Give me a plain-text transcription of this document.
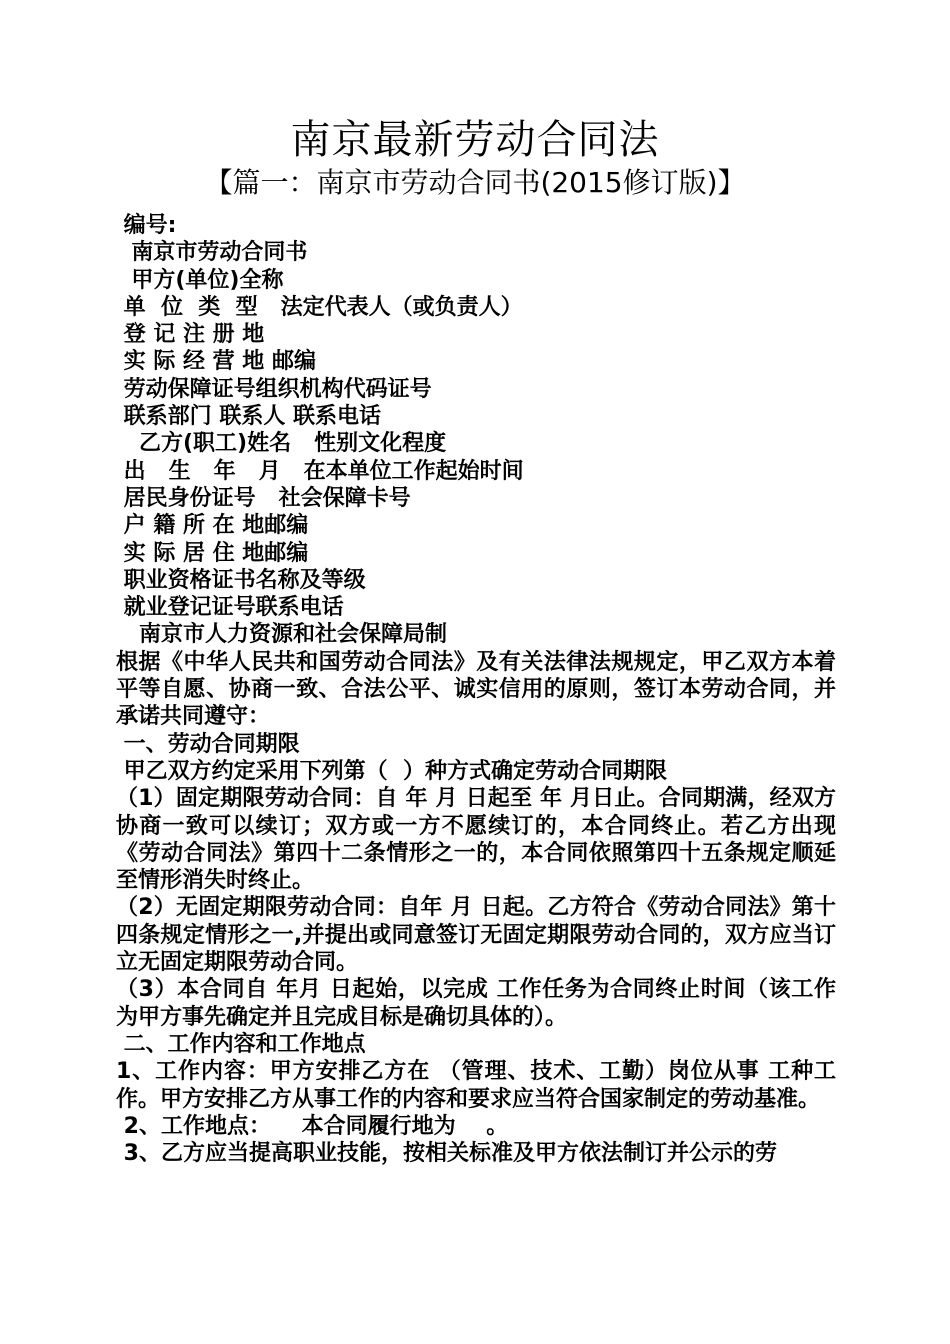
南京最新劳动合同法
【篇一：南京市劳动合同书(2015修订版)】

编号:

南京市劳动合同书

甲方(单位)全称

单  位  类  型   法定代表人（或负责人）

登 记 注 册 地

实 际 经 营 地 邮编

劳动保障证号组织机构代码证号

联系部门 联系人 联系电话

乙方(职工)姓名   性别文化程度

出   生   年   月   在本单位工作起始时间

居民身份证号   社会保障卡号

户 籍 所 在 地邮编

实 际 居 住 地邮编

职业资格证书名称及等级

就业登记证号联系电话

南京市人力资源和社会保障局制

根据《中华人民共和国劳动合同法》及有关法律法规规定，甲乙双方本着平等自愿、协商一致、合法公平、诚实信用的原则，签订本劳动合同，并承诺共同遵守：

一、劳动合同期限

甲乙双方约定采用下列第（  ）种方式确定劳动合同期限

（1）固定期限劳动合同：自 年 月 日起至 年 月日止。合同期满，经双方协商一致可以续订；双方或一方不愿续订的，本合同终止。若乙方出现《劳动合同法》第四十二条情形之一的，本合同依照第四十五条规定顺延至情形消失时终止。

（2）无固定期限劳动合同：自年 月 日起。乙方符合《劳动合同法》第十四条规定情形之一,并提出或同意签订无固定期限劳动合同的，双方应当订立无固定期限劳动合同。

（3）本合同自 年月 日起始，以完成 工作任务为合同终止时间（该工作为甲方事先确定并且完成目标是确切具体的）。

二、工作内容和工作地点

1、工作内容：甲方安排乙方在 （管理、技术、工勤）岗位从事 工种工作。甲方安排乙方从事工作的内容和要求应当符合国家制定的劳动基准。

2、工作地点：    本合同履行地为    。

3、乙方应当提高职业技能，按相关标准及甲方依法制订并公示的劳
